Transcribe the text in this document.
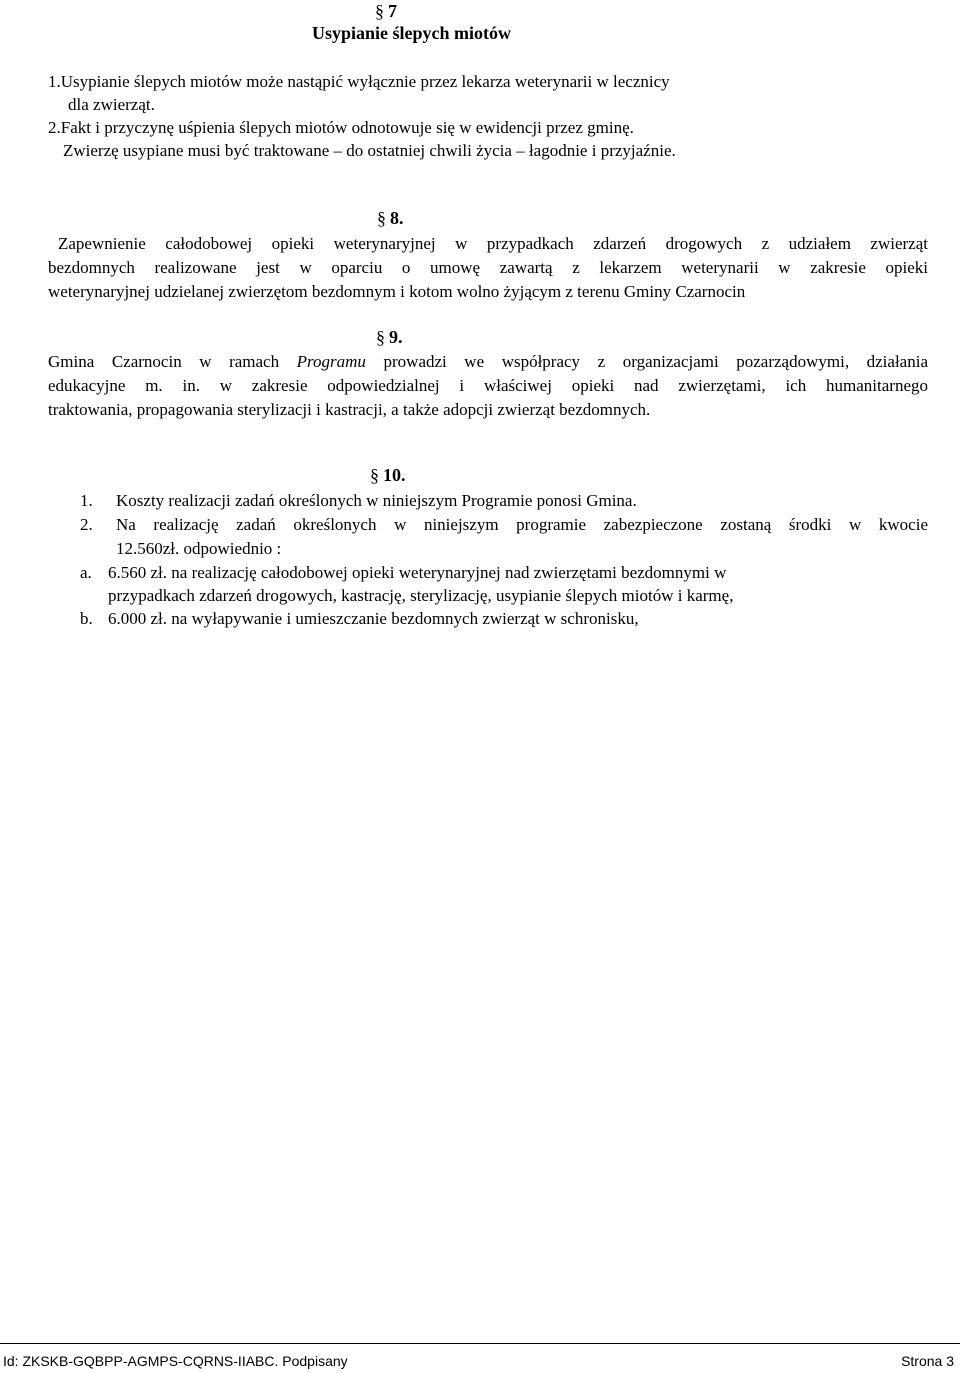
§ 7
Usypianie ślepych miotów
1.Usypianie ślepych miotów może nastąpić wyłącznie przez lekarza weterynarii w lecznicy
dla zwierząt.
2.Fakt i przyczynę uśpienia ślepych miotów odnotowuje się w ewidencji przez gminę.
Zwierzę usypiane musi być traktowane – do ostatniej chwili życia – łagodnie i przyjaźnie.
§ 8.
Zapewnienie całodobowej opieki weterynaryjnej w przypadkach zdarzeń drogowych z udziałem zwierząt
bezdomnych realizowane jest w oparciu o umowę zawartą z lekarzem weterynarii w zakresie opieki
weterynaryjnej udzielanej zwierzętom bezdomnym i kotom wolno żyjącym z terenu Gminy Czarnocin
§ 9.
Gmina Czarnocin w ramach Programu prowadzi we współpracy z organizacjami pozarządowymi, działania
edukacyjne m. in. w zakresie odpowiedzialnej i właściwej opieki nad zwierzętami, ich humanitarnego
traktowania, propagowania sterylizacji i kastracji, a także adopcji zwierząt bezdomnych.
§ 10.
1. Koszty realizacji zadań określonych w niniejszym Programie ponosi Gmina.
2. Na realizację zadań określonych w niniejszym programie zabezpieczone zostaną środki w kwocie
12.560zł. odpowiednio :
a. 6.560 zł. na realizację całodobowej opieki weterynaryjnej nad zwierzętami bezdomnymi w
przypadkach zdarzeń drogowych, kastrację, sterylizację, usypianie ślepych miotów i karmę,
b. 6.000 zł. na wyłapywanie i umieszczanie bezdomnych zwierząt w schronisku,
Id: ZKSKB-GQBPP-AGMPS-CQRNS-IIABC. Podpisany	Strona 3
